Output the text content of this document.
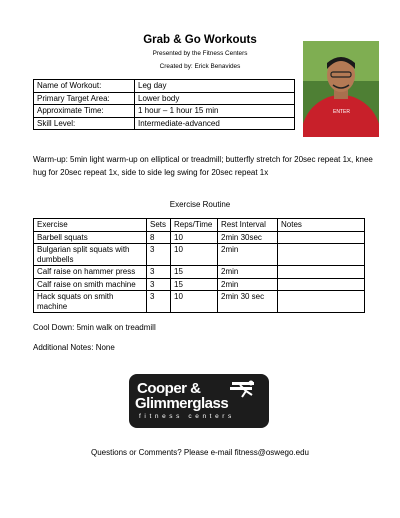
Grab & Go Workouts
Presented by the Fitness Centers
Created by: Erick Benavides
Name of Workout:	Leg day
Primary Target Area:	Lower body
Approximate Time:	1 hour – 1 hour 15 min
Skill Level:	Intermediate-advanced
ENTER
Warm-up: 5min light warm-up on elliptical or treadmill; butterfly stretch for 20sec repeat 1x, knee hug for 20sec repeat 1x, side to side leg swing for 20sec repeat 1x
Exercise Routine
Exercise	Sets	Reps/Time	Rest Interval	Notes
Barbell squats	8	10	2min 30sec	
Bulgarian split squats with dumbbells	3	10	2min	
Calf raise on hammer press	3	15	2min	
Calf raise on smith machine	3	15	2min	
Hack squats on smith machine	3	10	2min 30 sec	
Cool Down: 5min walk on treadmill
Additional Notes: None
Cooper &
Glimmerglass
fitness centers
Questions or Comments? Please e-mail fitness@oswego.edu
